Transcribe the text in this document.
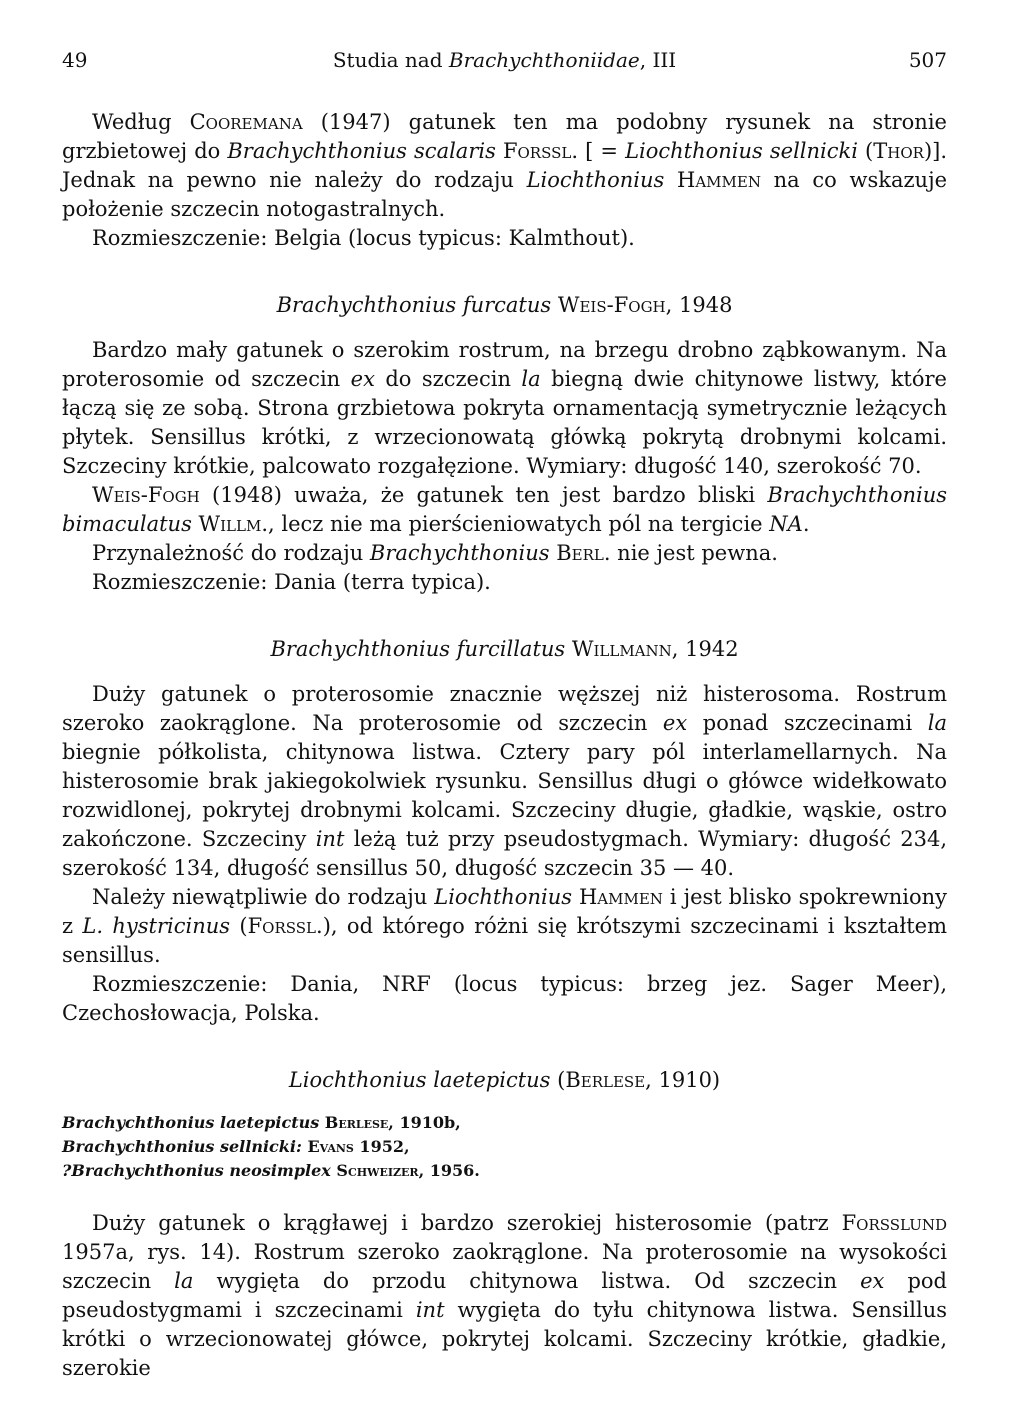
49	Studia nad Brachychthoniidae, III	507

Według Cooremana (1947) gatunek ten ma podobny rysunek na stronie grzbietowej do Brachychthonius scalaris Forssl. [ = Liochthonius sellnicki (Thor)]. Jednak na pewno nie należy do rodzaju Liochthonius Hammen na co wskazuje położenie szczecin notogastralnych.

Rozmieszczenie: Belgia (locus typicus: Kalmthout).

Brachychthonius furcatus Weis-Fogh, 1948

Bardzo mały gatunek o szerokim rostrum, na brzegu drobno ząbkowanym. Na proterosomie od szczecin ex do szczecin la biegną dwie chitynowe listwy, które łączą się ze sobą. Strona grzbietowa pokryta ornamentacją symetrycznie leżących płytek. Sensillus krótki, z wrzecionowatą główką pokrytą drobnymi kolcami. Szczeciny krótkie, palcowato rozgałęzione. Wymiary: długość 140, szerokość 70.

Weis-Fogh (1948) uważa, że gatunek ten jest bardzo bliski Brachychthonius bimaculatus Willm., lecz nie ma pierścieniowatych pól na tergicie NA.

Przynależność do rodzaju Brachychthonius Berl. nie jest pewna.

Rozmieszczenie: Dania (terra typica).

Brachychthonius furcillatus Willmann, 1942

Duży gatunek o proterosomie znacznie węższej niż histerosoma. Rostrum szeroko zaokrąglone. Na proterosomie od szczecin ex ponad szczecinami la biegnie półkolista, chitynowa listwa. Cztery pary pól interlamellarnych. Na histerosomie brak jakiegokolwiek rysunku. Sensillus długi o główce widełkowato rozwidlonej, pokrytej drobnymi kolcami. Szczeciny długie, gładkie, wąskie, ostro zakończone. Szczeciny int leżą tuż przy pseudostygmach. Wymiary: długość 234, szerokość 134, długość sensillus 50, długość szczecin 35 — 40.

Należy niewątpliwie do rodzaju Liochthonius Hammen i jest blisko spokrewniony z L. hystricinus (Forssl.), od którego różni się krótszymi szczecinami i kształtem sensillus.

Rozmieszczenie: Dania, NRF (locus typicus: brzeg jez. Sager Meer), Czechosłowacja, Polska.

Liochthonius laetepictus (Berlese, 1910)
Brachychthonius laetepictus Berlese, 1910b,
Brachychthonius sellnicki: Evans 1952,
?Brachychthonius neosimplex Schweizer, 1956.

Duży gatunek o krągławej i bardzo szerokiej histerosomie (patrz Forsslund 1957a, rys. 14). Rostrum szeroko zaokrąglone. Na proterosomie na wysokości szczecin la wygięta do przodu chitynowa listwa. Od szczecin ex pod pseudostygmami i szczecinami int wygięta do tyłu chitynowa listwa. Sensillus krótki o wrzecionowatej główce, pokrytej kolcami. Szczeciny krótkie, gładkie, szerokie
